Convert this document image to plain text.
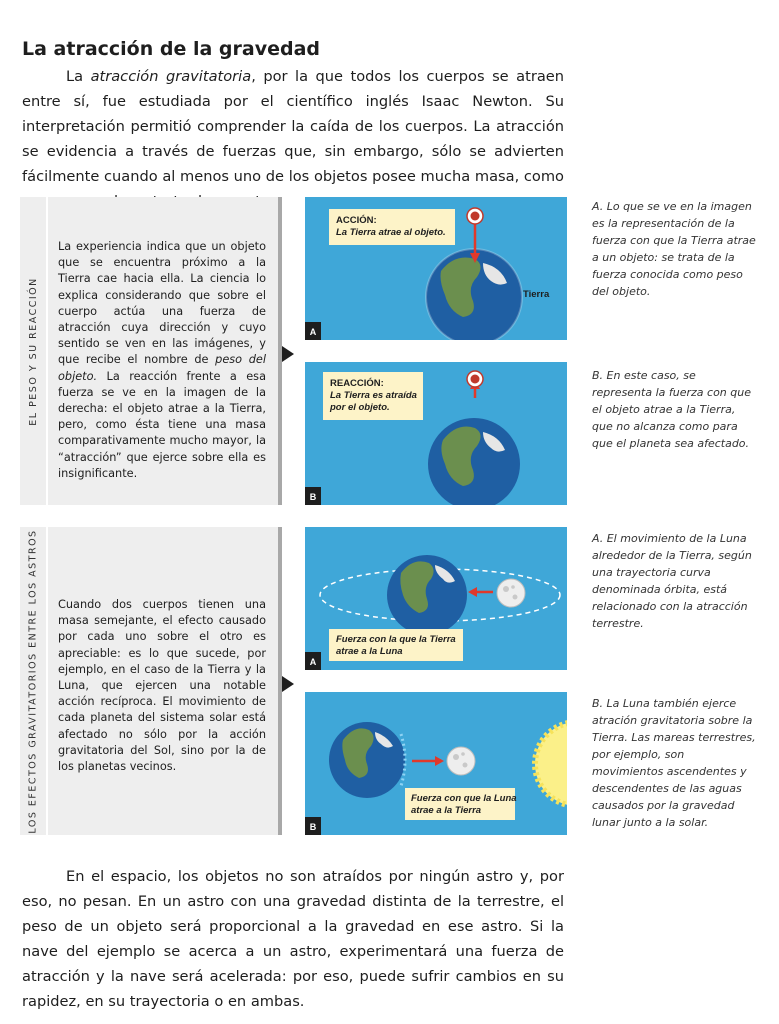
La atracción de la gravedad

La atracción gravitatoria, por la que todos los cuerpos se atraen entre sí, fue estudiada por el científico inglés Isaac Newton. Su interpretación permitió comprender la caída de los cuerpos. La atracción se evidencia a través de fuerzas que, sin embargo, sólo se advierten fácilmente cuando al menos uno de los objetos posee mucha masa, como

EL PESO Y SU REACCIÓN

La experiencia indica que un objeto que se encuentra próximo a la Tierra cae hacia ella. La ciencia lo explica considerando que sobre el cuerpo actúa una fuerza de atracción cuya dirección y cuyo sentido se ven en las imágenes, y que recibe el nombre de peso del objeto. La reacción frente a esa fuerza se ve en la imagen de la derecha: el objeto atrae a la Tierra, pero, como ésta tiene una masa comparativamente mucho mayor, la “atracción” que ejerce sobre ella es insignificante.

LOS EFECTOS GRAVITATORIOS ENTRE LOS ASTROS Cuando dos cuerpos tienen una masa semejante, el efecto causado por cada uno sobre el otro es apreciable: es lo que sucede, por ejemplo, en el caso de la Tierra y la Luna, que ejercen una notable acción recíproca. El movimiento de cada planeta del sistema solar está afectado no sólo por la acción gravitatoria del Sol, sino por la de los planetas vecinos.

ACCIÓN:
La Tierra atrae al objeto.
Tierra
A
REACCIÓN:
La Tierra es atraída
por el objeto.
B
Fuerza con la que la Tierra
atrae a la Luna
A
Fuerza con que la Luna
atrae a la Tierra
B

A. Lo que se ve en la imagen es la representación de la fuerza con que la Tierra atrae a un objeto: se trata de la fuerza conocida como peso del objeto.

B. En este caso, se representa la fuerza con que el objeto atrae a la Tierra, que no alcanza como para que el planeta sea afectado.

A. El movimiento de la Luna alrededor de la Tierra, según una trayectoria curva denominada órbita, está relacionado con la atracción terrestre.

B. La Luna también ejerce atración gravitatoria sobre la Tierra. Las mareas terrestres, por ejemplo, son movimientos ascendentes y descendentes de las aguas causados por la gravedad lunar junto a la solar.

En el espacio, los objetos no son atraídos por ningún astro y, por eso, no pesan. En un astro con una gravedad distinta de la terrestre, el peso de un objeto será proporcional a la gravedad en ese astro. Si la nave del ejemplo se acerca a un astro, experimentará una fuerza de atracción y la nave será acelerada: por eso, puede sufrir cambios en su rapidez, en su trayectoria o en ambas.
